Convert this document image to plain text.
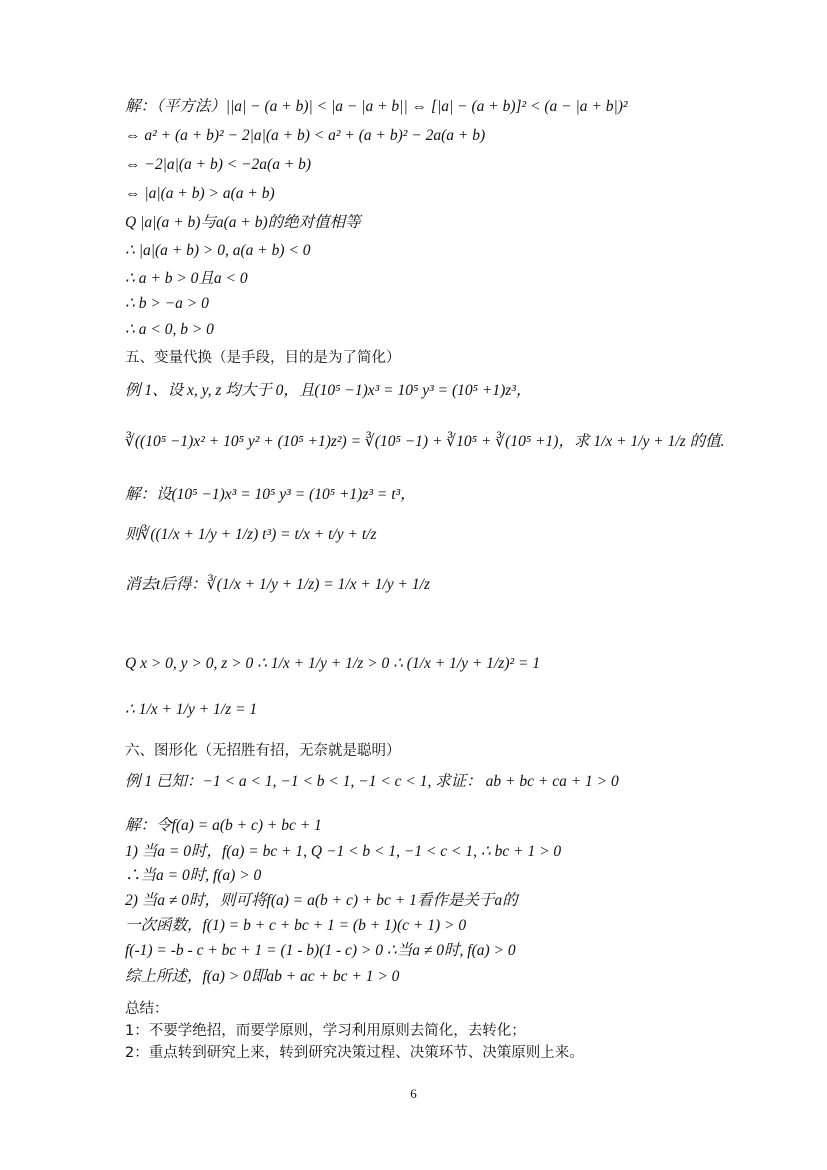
解：（平方法）||a| − (a + b)| < |a − |a + b|| ⇔ [|a| − (a + b)]² < (a − |a + b|)²
⇔ a² + (a + b)² − 2|a|(a + b) < a² + (a + b)² − 2a(a + b)
⇔ −2|a|(a + b) < −2a(a + b)
⇔ |a|(a + b) > a(a + b)
Q |a|(a + b)与a(a + b)的绝对值相等
∴ |a|(a + b) > 0, a(a + b) < 0
∴ a + b > 0且a < 0
∴ b > −a > 0
∴ a < 0, b > 0
五、变量代换（是手段，目的是为了简化）
例 1、设 x, y, z 均大于 0，且(10⁵ −1)x³ = 10⁵ y³ = (10⁵ +1)z³，
∛((10⁵ −1)x² + 10⁵ y² + (10⁵ +1)z²) = ∛(10⁵ −1) + ∛10⁵ + ∛(10⁵ +1)，求 1/x + 1/y + 1/z 的值.
解：设(10⁵ −1)x³ = 10⁵ y³ = (10⁵ +1)z³ = t³，
则∛((1/x + 1/y + 1/z) t³) = t/x + t/y + t/z
消去t后得：∛(1/x + 1/y + 1/z) = 1/x + 1/y + 1/z
Q x > 0, y > 0, z > 0 ∴ 1/x + 1/y + 1/z > 0 ∴ (1/x + 1/y + 1/z)² = 1
∴ 1/x + 1/y + 1/z = 1
六、图形化（无招胜有招，无奈就是聪明）
例 1 已知：−1 < a < 1, −1 < b < 1, −1 < c < 1, 求证： ab + bc + ca + 1 > 0
解：令f(a) = a(b + c) + bc + 1
1) 当a = 0时，f(a) = bc + 1, Q −1 < b < 1, −1 < c < 1, ∴ bc + 1 > 0
∴当a = 0时, f(a) > 0
2) 当a ≠ 0时，则可将f(a) = a(b + c) + bc + 1看作是关于a的
一次函数，f(1) = b + c + bc + 1 = (b + 1)(c + 1) > 0
f(-1) = -b - c + bc + 1 = (1 - b)(1 - c) > 0 ∴当a ≠ 0时, f(a) > 0
综上所述，f(a) > 0即ab + ac + bc + 1 > 0
总结：
1：不要学绝招，而要学原则，学习利用原则去简化，去转化；
2：重点转到研究上来，转到研究决策过程、决策环节、决策原则上来。
6
